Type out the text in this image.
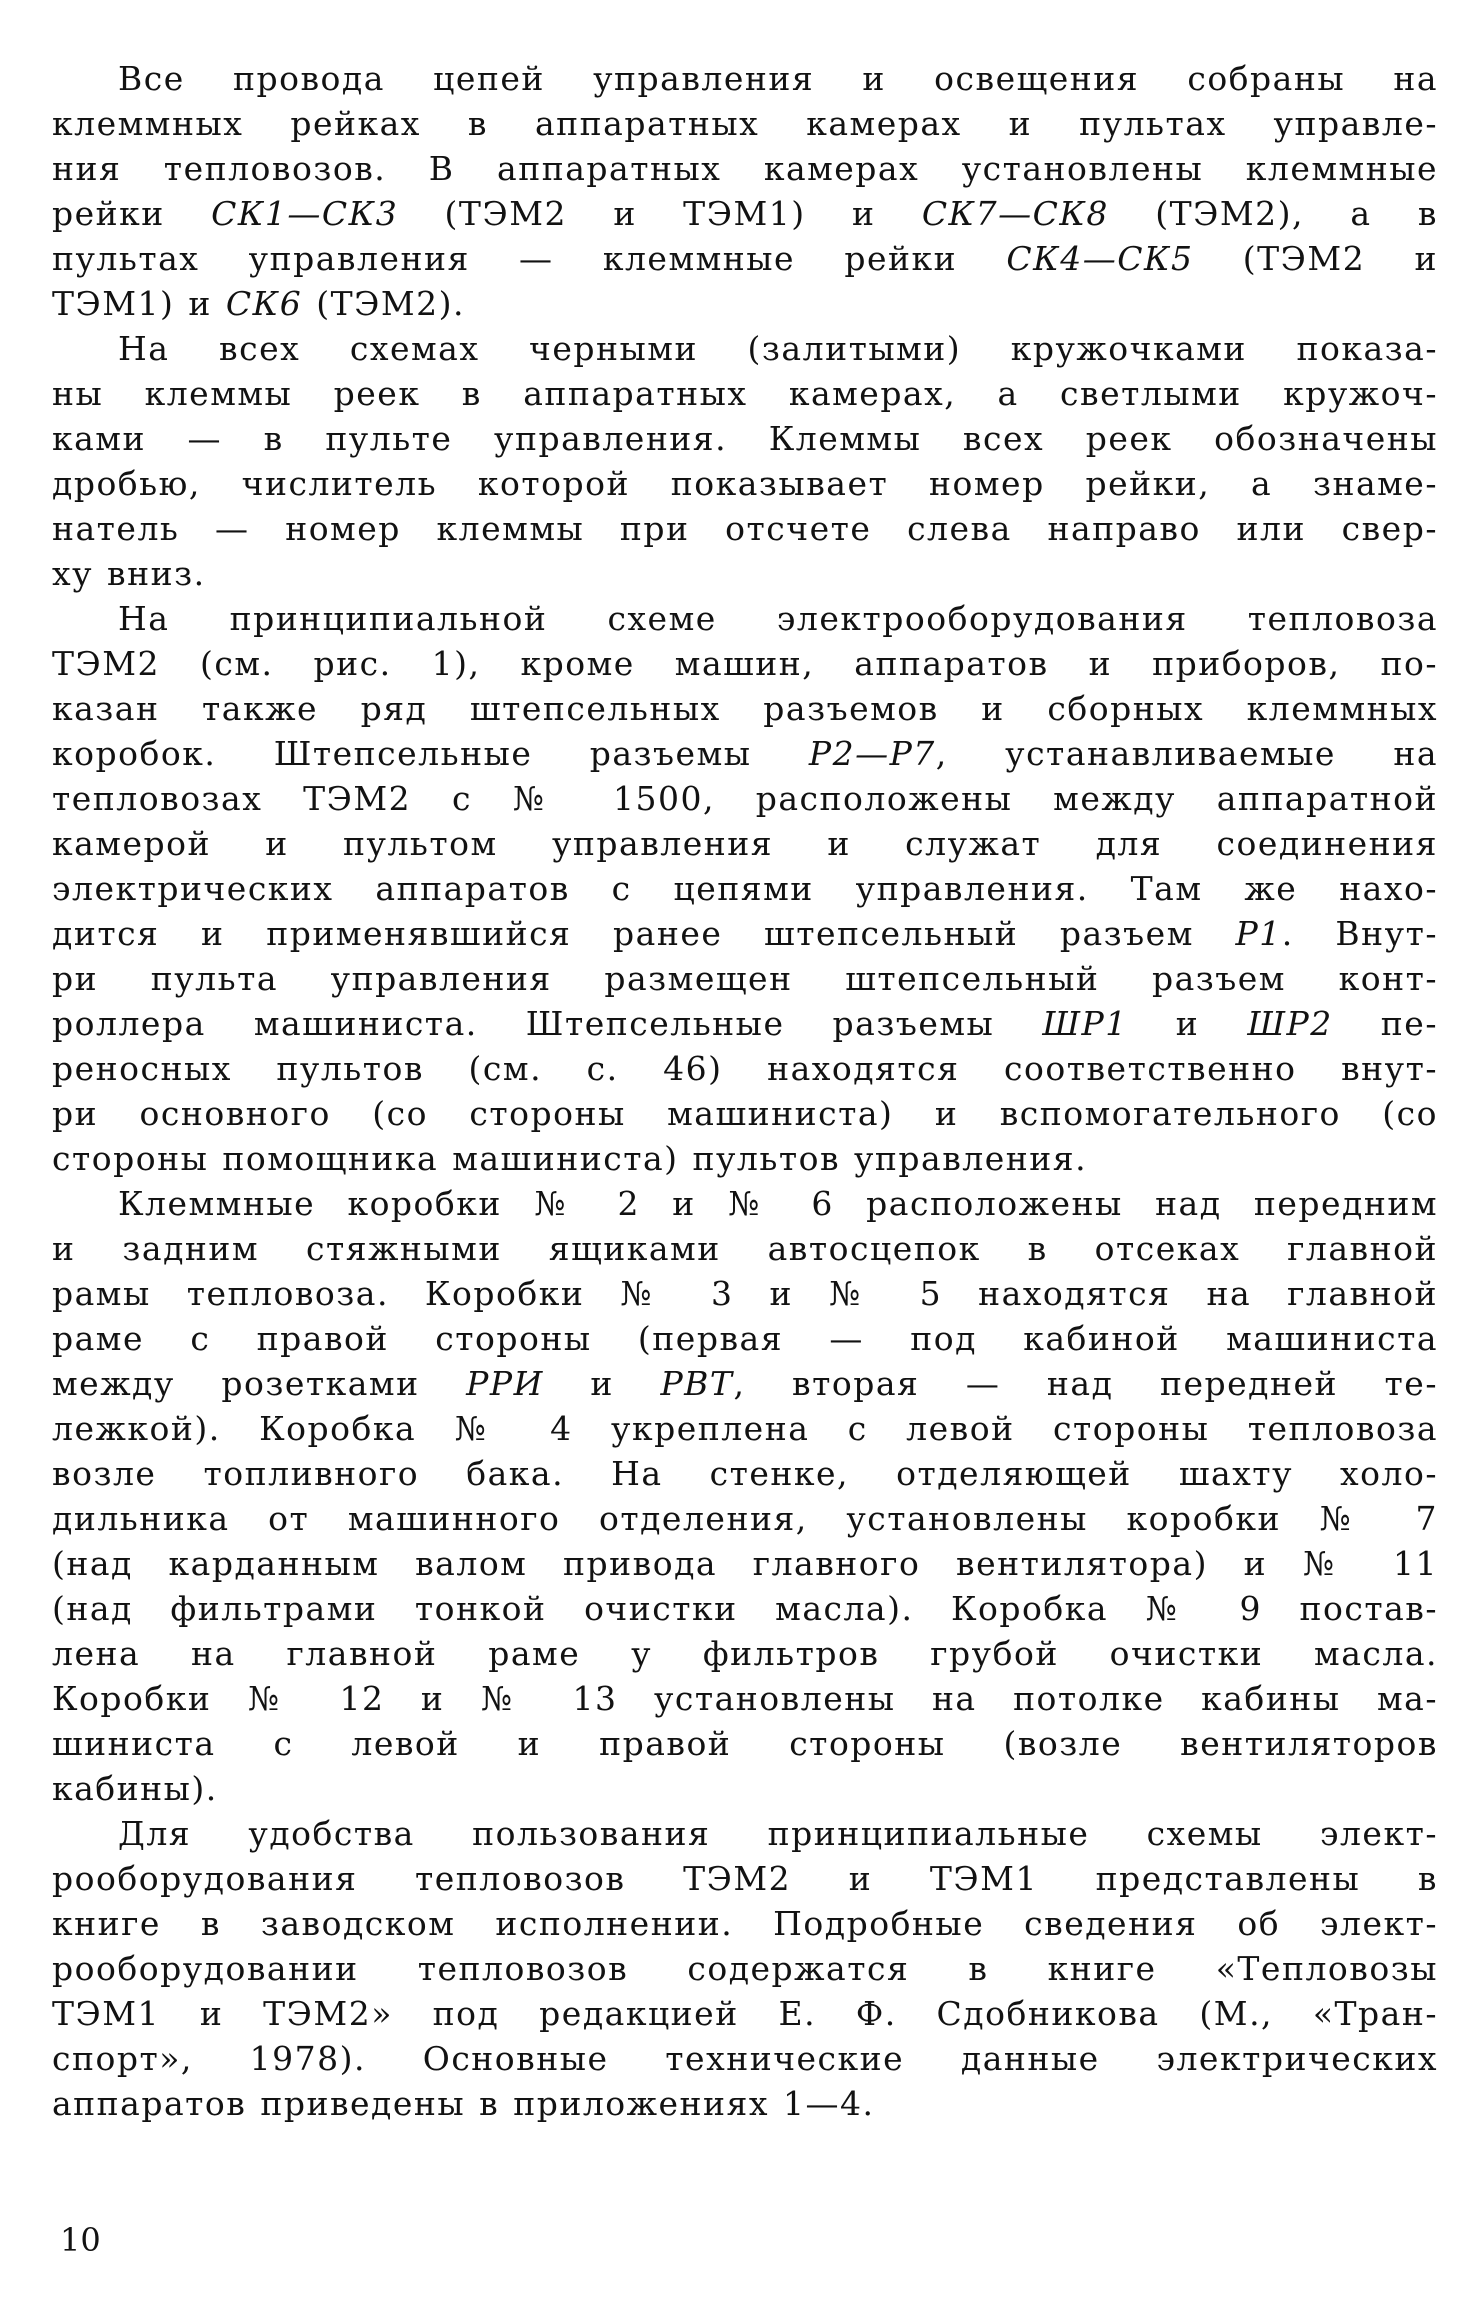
Все провода цепей управления и освещения собраны на
клеммных рейках в аппаратных камерах и пультах управле-
ния тепловозов. В аппаратных камерах установлены клеммные
рейки СК1—СК3 (ТЭМ2 и ТЭМ1) и СК7—СК8 (ТЭМ2), а в
пультах управления — клеммные рейки СК4—СК5 (ТЭМ2 и
ТЭМ1) и СК6 (ТЭМ2).
На всех схемах черными (залитыми) кружочками показа-
ны клеммы реек в аппаратных камерах, а светлыми кружоч-
ками — в пульте управления. Клеммы всех реек обозначены
дробью, числитель которой показывает номер рейки, а знаме-
натель — номер клеммы при отсчете слева направо или свер-
ху вниз.
На принципиальной схеме электрооборудования тепловоза
ТЭМ2 (см. рис. 1), кроме машин, аппаратов и приборов, по-
казан также ряд штепсельных разъемов и сборных клеммных
коробок. Штепсельные разъемы Р2—Р7, устанавливаемые на
тепловозах ТЭМ2 с № 1500, расположены между аппаратной
камерой и пультом управления и служат для соединения
электрических аппаратов с цепями управления. Там же нахо-
дится и применявшийся ранее штепсельный разъем Р1. Внут-
ри пульта управления размещен штепсельный разъем конт-
роллера машиниста. Штепсельные разъемы ШР1 и ШР2 пе-
реносных пультов (см. с. 46) находятся соответственно внут-
ри основного (со стороны машиниста) и вспомогательного (со
стороны помощника машиниста) пультов управления.
Клеммные коробки № 2 и № 6 расположены над передним
и задним стяжными ящиками автосцепок в отсеках главной
рамы тепловоза. Коробки № 3 и № 5 находятся на главной
раме с правой стороны (первая — под кабиной машиниста
между розетками РРИ и РВТ, вторая — над передней те-
лежкой). Коробка № 4 укреплена с левой стороны тепловоза
возле топливного бака. На стенке, отделяющей шахту холо-
дильника от машинного отделения, установлены коробки № 7
(над карданным валом привода главного вентилятора) и № 11
(над фильтрами тонкой очистки масла). Коробка № 9 постав-
лена на главной раме у фильтров грубой очистки масла.
Коробки № 12 и № 13 установлены на потолке кабины ма-
шиниста с левой и правой стороны (возле вентиляторов
кабины).
Для удобства пользования принципиальные схемы элект-
рооборудования тепловозов ТЭМ2 и ТЭМ1 представлены в
книге в заводском исполнении. Подробные сведения об элект-
рооборудовании тепловозов содержатся в книге «Тепловозы
ТЭМ1 и ТЭМ2» под редакцией Е. Ф. Сдобникова (М., «Тран-
спорт», 1978). Основные технические данные электрических
аппаратов приведены в приложениях 1—4.
10
